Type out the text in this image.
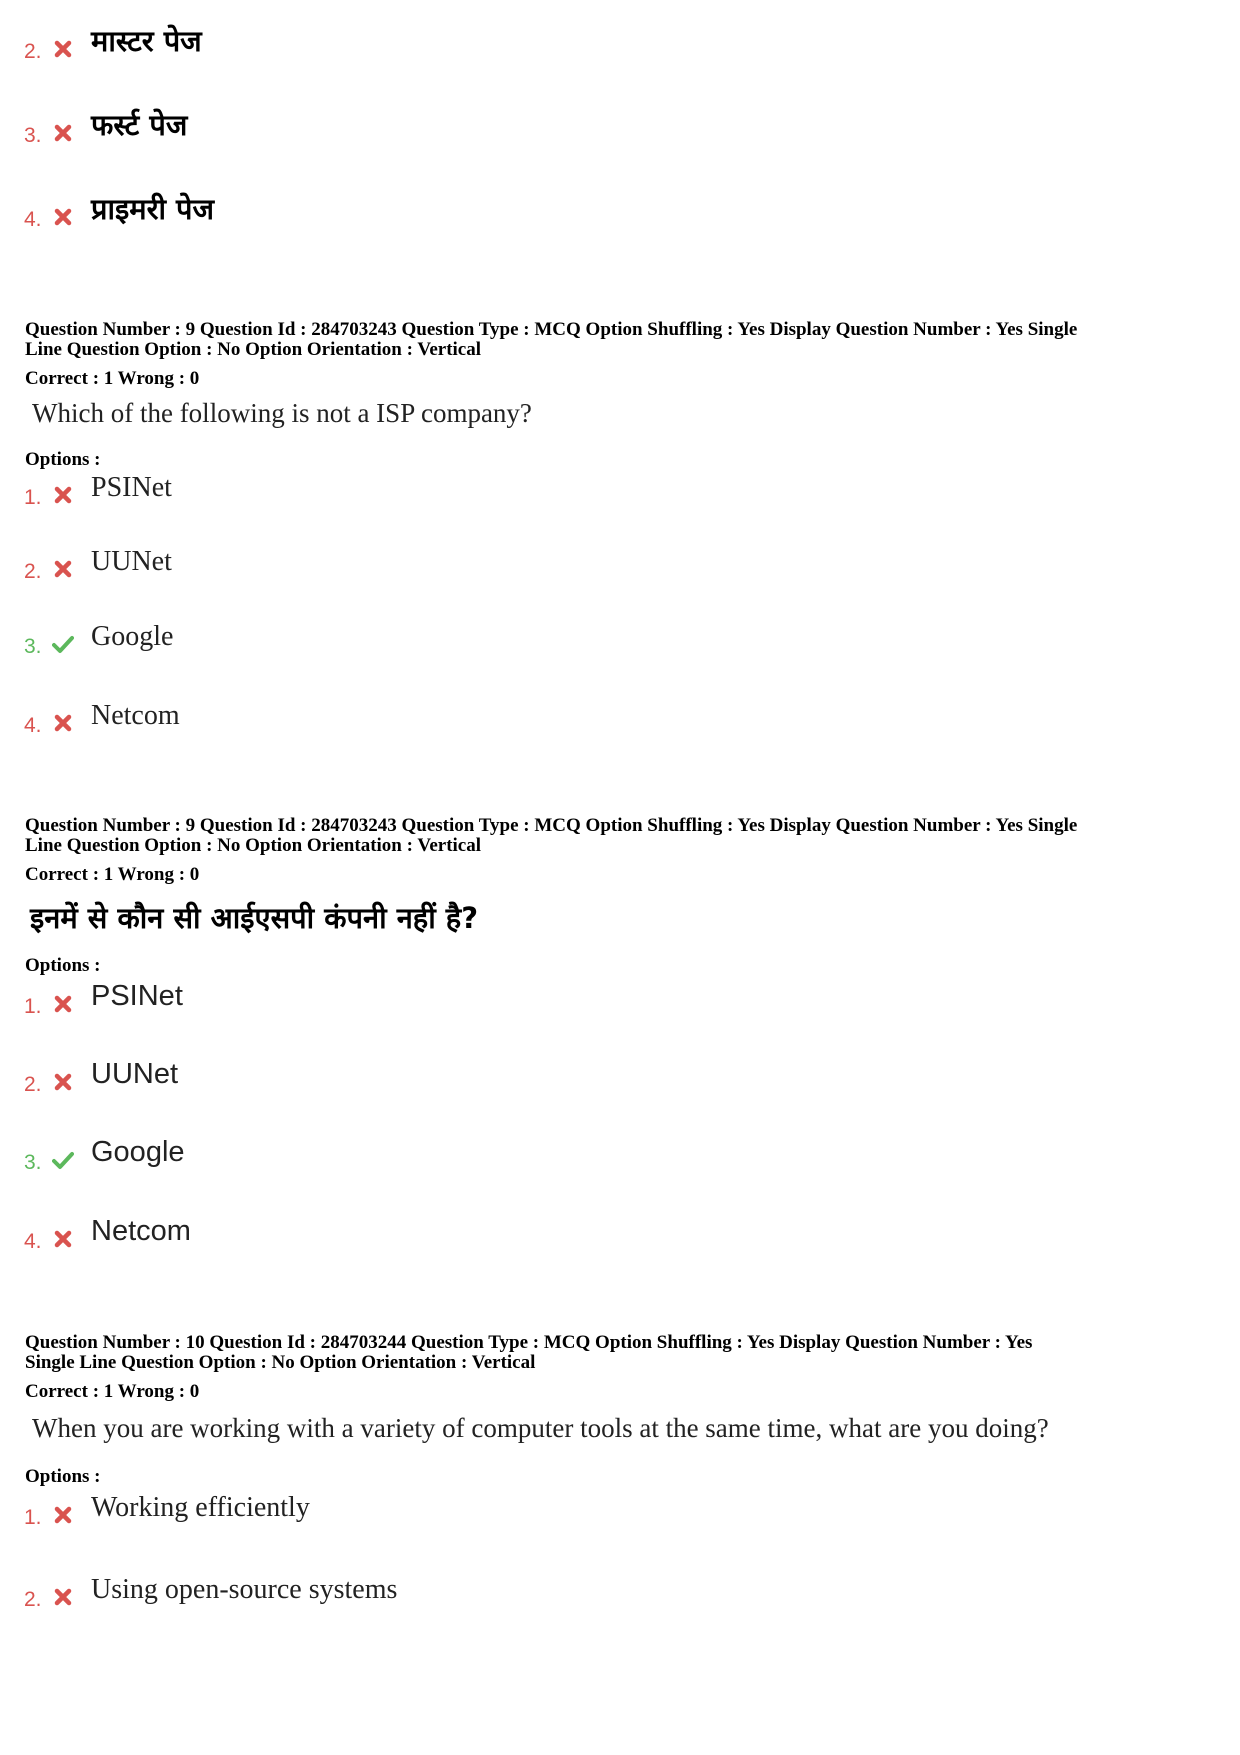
2. मास्टर पेज
3. फर्स्ट पेज
4. प्राइमरी पेज

Question Number : 9 Question Id : 284703243 Question Type : MCQ Option Shuffling : Yes Display Question Number : Yes Single
Line Question Option : No Option Orientation : Vertical

Correct : 1 Wrong : 0

Which of the following is not a ISP company?
Options :
1. PSINet
2. UUNet
3. Google
4. Netcom

Question Number : 9 Question Id : 284703243 Question Type : MCQ Option Shuffling : Yes Display Question Number : Yes Single
Line Question Option : No Option Orientation : Vertical

Correct : 1 Wrong : 0

इनमें से कौन सी आईएसपी कंपनी नहीं है?
Options :
1. PSINet
2. UUNet
3. Google
4. Netcom

Question Number : 10 Question Id : 284703244 Question Type : MCQ Option Shuffling : Yes Display Question Number : Yes
Single Line Question Option : No Option Orientation : Vertical

Correct : 1 Wrong : 0

When you are working with a variety of computer tools at the same time, what are you doing?
Options :
1. Working efficiently
2. Using open-source systems
